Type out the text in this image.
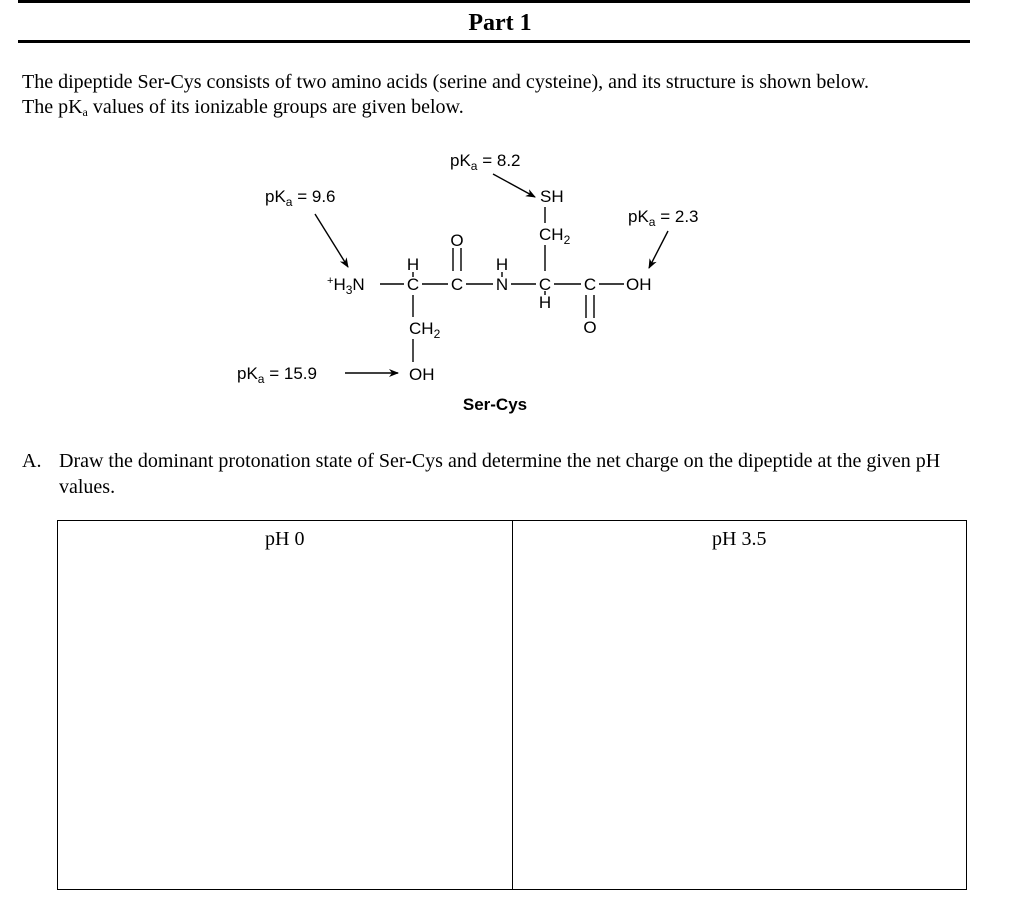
Part 1

The dipeptide Ser-Cys consists of two amino acids (serine and cysteine), and its structure is shown below.

The pKa values of its ionizable groups are given below.

$pK_a = 8.2$
$pK_a = 9.6$
$pK_a = 2.3$
$pK_a = 15.9$
$^+H_3N$ C
H
C
O
N
H
C
H
C
O
OH
$CH_2$
OH
$CH_2$
SH
Ser-Cys
A. Draw the dominant protonation state of Ser-Cys and determine the net charge on the dipeptide at the given pH values.
pH 0	pH 3.5
